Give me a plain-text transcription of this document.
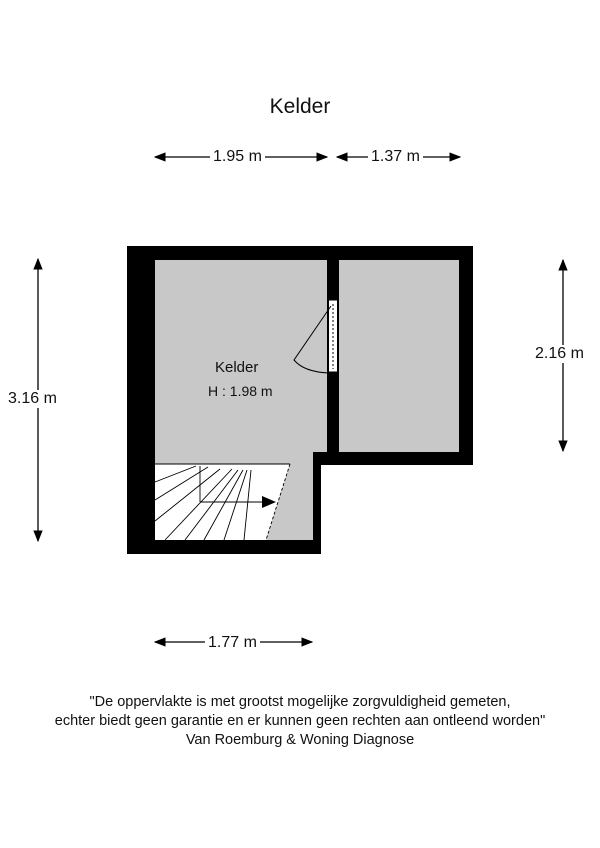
Kelder
1.95 m	1.37 m
3.16 m
2.16 m
1.77 m
Kelder
H : 1.98 m
"De oppervlakte is met grootst mogelijke zorgvuldigheid gemeten,
echter biedt geen garantie en er kunnen geen rechten aan ontleend worden"
Van Roemburg & Woning Diagnose
